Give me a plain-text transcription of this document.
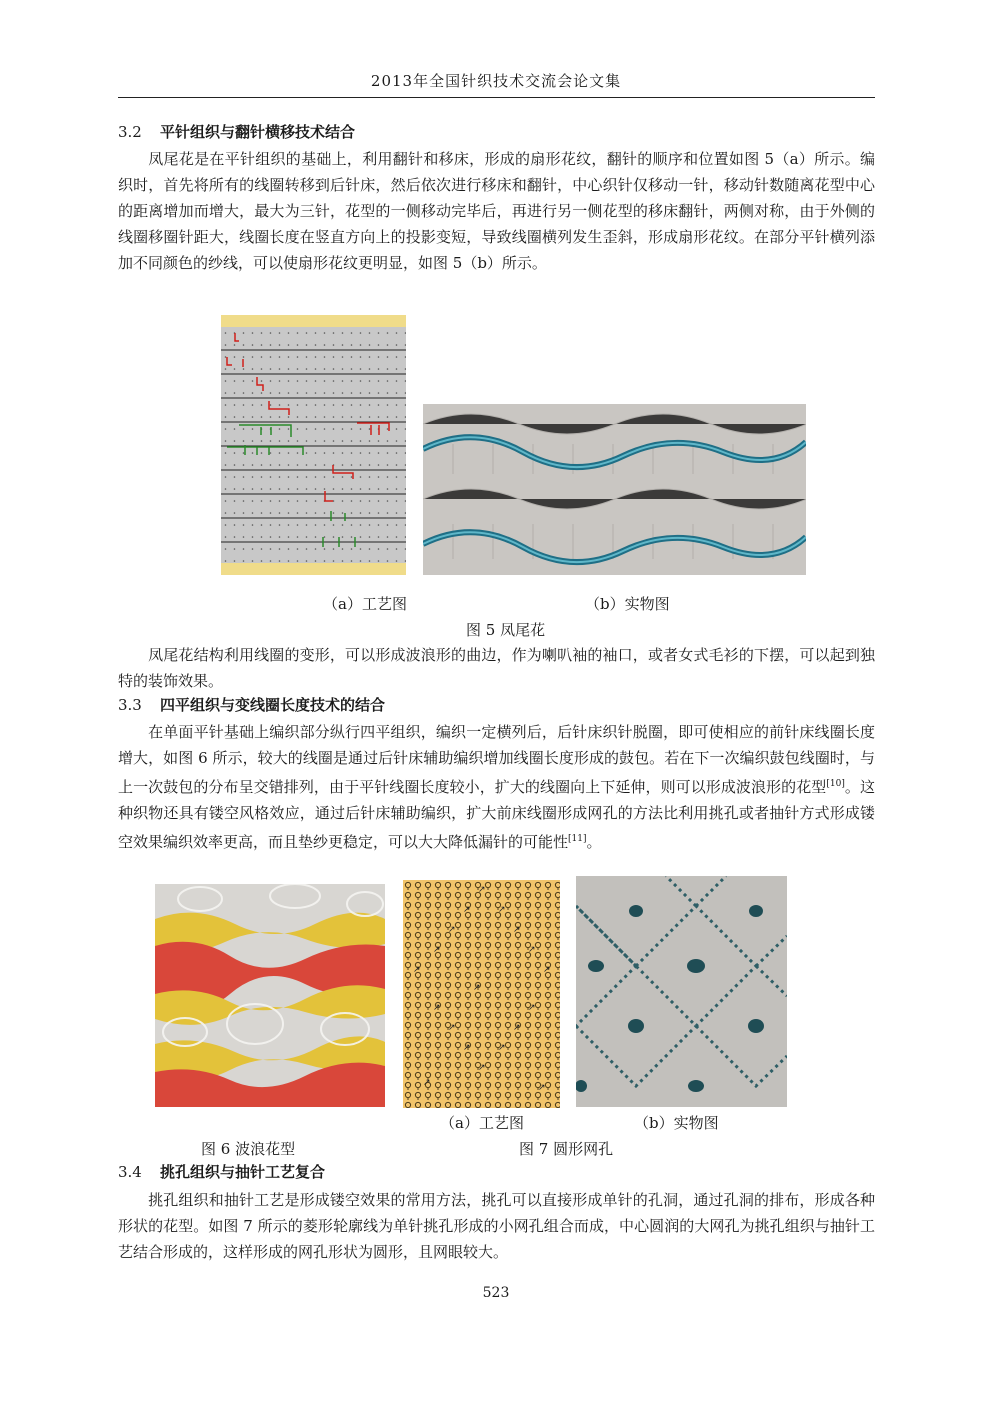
2013年全国针织技术交流会论文集
3.2 平针组织与翻针横移技术结合
凤尾花是在平针组织的基础上，利用翻针和移床，形成的扇形花纹，翻针的顺序和位置如图 5（a）所示。编织时，首先将所有的线圈转移到后针床，然后依次进行移床和翻针，中心织针仅移动一针，移动针数随离花型中心的距离增加而增大，最大为三针，花型的一侧移动完毕后，再进行另一侧花型的移床翻针，两侧对称，由于外侧的线圈移圈针距大，线圈长度在竖直方向上的投影变短，导致线圈横列发生歪斜，形成扇形花纹。在部分平针横列添加不同颜色的纱线，可以使扇形花纹更明显，如图 5（b）所示。
（a）工艺图	（b）实物图
图 5 凤尾花
凤尾花结构利用线圈的变形，可以形成波浪形的曲边，作为喇叭袖的袖口，或者女式毛衫的下摆，可以起到独特的装饰效果。
3.3 四平组织与变线圈长度技术的结合
在单面平针基础上编织部分纵行四平组织，编织一定横列后，后针床织针脱圈，即可使相应的前针床线圈长度增大，如图 6 所示，较大的线圈是通过后针床辅助编织增加线圈长度形成的鼓包。若在下一次编织鼓包线圈时，与上一次鼓包的分布呈交错排列，由于平针线圈长度较小，扩大的线圈向上下延伸，则可以形成波浪形的花型[10]。这种织物还具有镂空风格效应，通过后针床辅助编织，扩大前床线圈形成网孔的方法比利用挑孔或者抽针方式形成镂空效果编织效率更高，而且垫纱更稳定，可以大大降低漏针的可能性[11]。
↗
↗	↗
↗	↗
↗	↗
↗
↗
↗
↗	↗
↗	↗
↗	↗
↗
↗	↗
（a）工艺图	（b）实物图
图 6 波浪花型	图 7 圆形网孔
3.4 挑孔组织与抽针工艺复合
挑孔组织和抽针工艺是形成镂空效果的常用方法，挑孔可以直接形成单针的孔洞，通过孔洞的排布，形成各种形状的花型。如图 7 所示的菱形轮廓线为单针挑孔形成的小网孔组合而成，中心圆润的大网孔为挑孔组织与抽针工艺结合形成的，这样形成的网孔形状为圆形，且网眼较大。
523
